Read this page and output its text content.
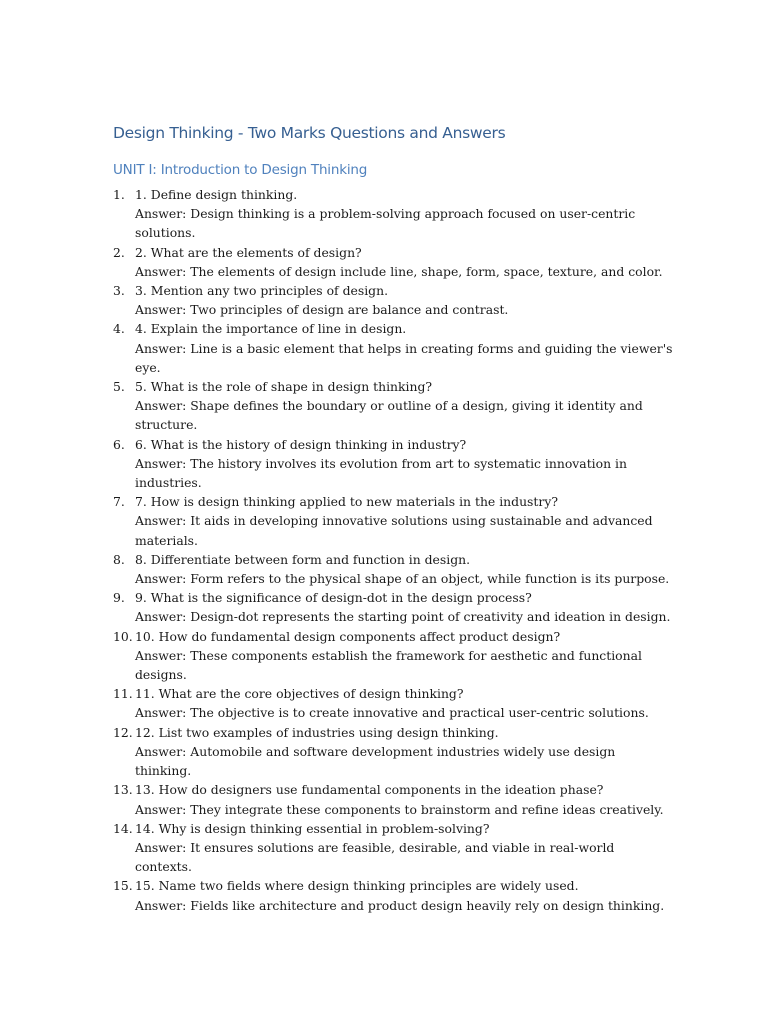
Design Thinking - Two Marks Questions and Answers
UNIT I: Introduction to Design Thinking
1. 1. Define design thinking.
Answer: Design thinking is a problem-solving approach focused on user-centric solutions.
2. 2. What are the elements of design?
Answer: The elements of design include line, shape, form, space, texture, and color.
3. 3. Mention any two principles of design.
Answer: Two principles of design are balance and contrast.
4. 4. Explain the importance of line in design.
Answer: Line is a basic element that helps in creating forms and guiding the viewer's eye.
5. 5. What is the role of shape in design thinking?
Answer: Shape defines the boundary or outline of a design, giving it identity and structure.
6. 6. What is the history of design thinking in industry?
Answer: The history involves its evolution from art to systematic innovation in industries.
7. 7. How is design thinking applied to new materials in the industry?
Answer: It aids in developing innovative solutions using sustainable and advanced materials.
8. 8. Differentiate between form and function in design.
Answer: Form refers to the physical shape of an object, while function is its purpose.
9. 9. What is the significance of design-dot in the design process?
Answer: Design-dot represents the starting point of creativity and ideation in design.
10. 10. How do fundamental design components affect product design?
Answer: These components establish the framework for aesthetic and functional designs.
11. 11. What are the core objectives of design thinking?
Answer: The objective is to create innovative and practical user-centric solutions.
12. 12. List two examples of industries using design thinking.
Answer: Automobile and software development industries widely use design thinking.
13. 13. How do designers use fundamental components in the ideation phase?
Answer: They integrate these components to brainstorm and refine ideas creatively.
14. 14. Why is design thinking essential in problem-solving?
Answer: It ensures solutions are feasible, desirable, and viable in real-world contexts.
15. 15. Name two fields where design thinking principles are widely used.
Answer: Fields like architecture and product design heavily rely on design thinking.
